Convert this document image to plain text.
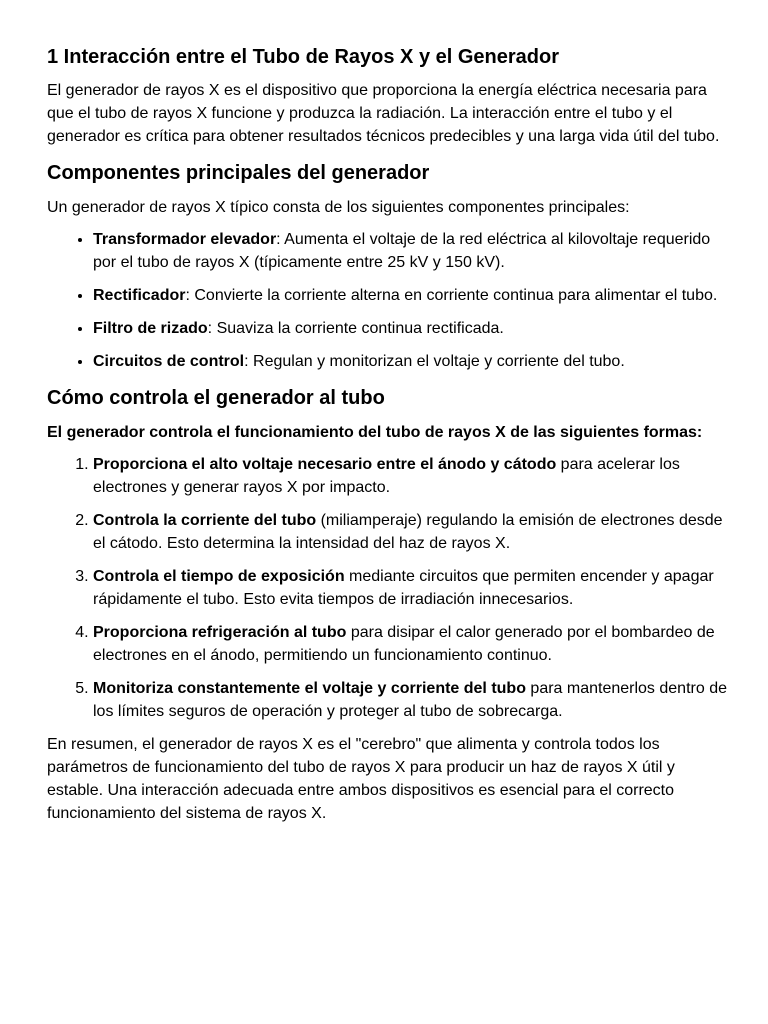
1 Interacción entre el Tubo de Rayos X y el Generador

El generador de rayos X es el dispositivo que proporciona la energía eléctrica necesaria para que el tubo de rayos X funcione y produzca la radiación. La interacción entre el tubo y el generador es crítica para obtener resultados técnicos predecibles y una larga vida útil del tubo.

Componentes principales del generador

Un generador de rayos X típico consta de los siguientes componentes principales:

• Transformador elevador: Aumenta el voltaje de la red eléctrica al kilovoltaje requerido por el tubo de rayos X (típicamente entre 25 kV y 150 kV).
• Rectificador: Convierte la corriente alterna en corriente continua para alimentar el tubo.
• Filtro de rizado: Suaviza la corriente continua rectificada.
• Circuitos de control: Regulan y monitorizan el voltaje y corriente del tubo.
Cómo controla el generador al tubo

El generador controla el funcionamiento del tubo de rayos X de las siguientes formas:

1. Proporciona el alto voltaje necesario entre el ánodo y cátodo para acelerar los electrones y generar rayos X por impacto.
2. Controla la corriente del tubo (miliamperaje) regulando la emisión de electrones desde el cátodo. Esto determina la intensidad del haz de rayos X.
3. Controla el tiempo de exposición mediante circuitos que permiten encender y apagar rápidamente el tubo. Esto evita tiempos de irradiación innecesarios.
4. Proporciona refrigeración al tubo para disipar el calor generado por el bombardeo de electrones en el ánodo, permitiendo un funcionamiento continuo.
5. Monitoriza constantemente el voltaje y corriente del tubo para mantenerlos dentro de los límites seguros de operación y proteger al tubo de sobrecarga.

En resumen, el generador de rayos X es el "cerebro" que alimenta y controla todos los parámetros de funcionamiento del tubo de rayos X para producir un haz de rayos X útil y estable. Una interacción adecuada entre ambos dispositivos es esencial para el correcto funcionamiento del sistema de rayos X.
